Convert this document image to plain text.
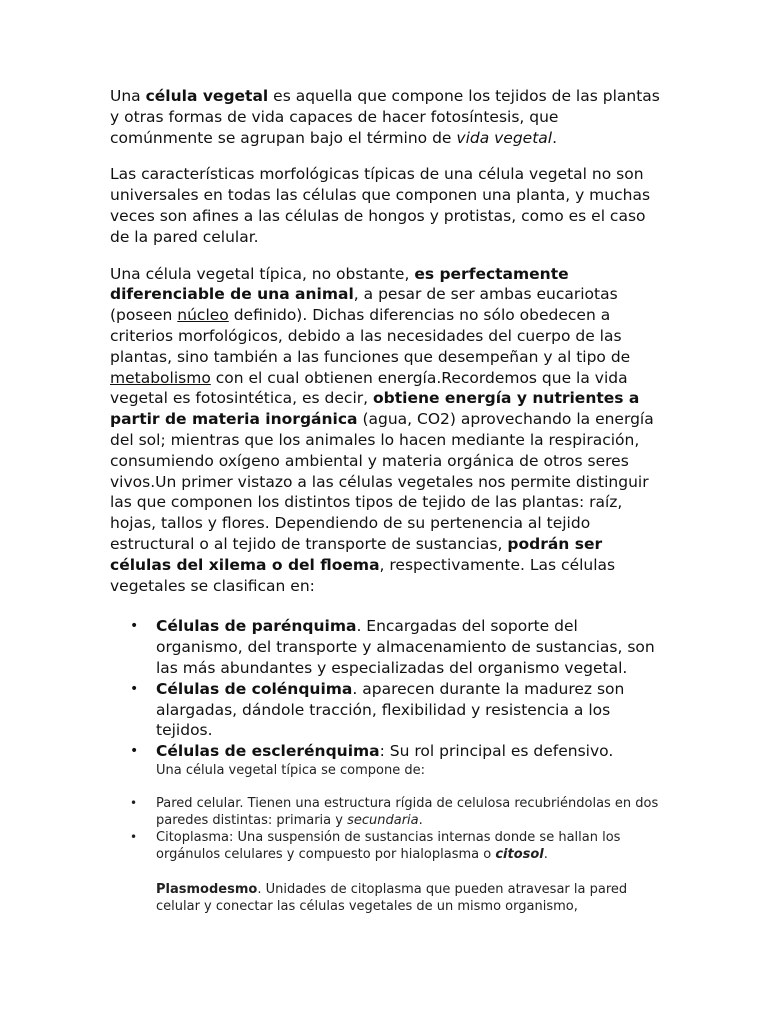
Una célula vegetal es aquella que compone los tejidos de las plantas y otras formas de vida capaces de hacer fotosíntesis, que comúnmente se agrupan bajo el término de vida vegetal.

Las características morfológicas típicas de una célula vegetal no son universales en todas las células que componen una planta, y muchas veces son afines a las células de hongos y protistas, como es el caso de la pared celular.

Una célula vegetal típica, no obstante, es perfectamente diferenciable de una animal, a pesar de ser ambas eucariotas (poseen núcleo definido). Dichas diferencias no sólo obedecen a criterios morfológicos, debido a las necesidades del cuerpo de las plantas, sino también a las funciones que desempeñan y al tipo de metabolismo con el cual obtienen energía.Recordemos que la vida vegetal es fotosintética, es decir, obtiene energía y nutrientes a partir de materia inorgánica (agua, CO2) aprovechando la energía del sol; mientras que los animales lo hacen mediante la respiración, consumiendo oxígeno ambiental y materia orgánica de otros seres vivos.Un primer vistazo a las células vegetales nos permite distinguir las que componen los distintos tipos de tejido de las plantas: raíz, hojas, tallos y flores. Dependiendo de su pertenencia al tejido estructural o al tejido de transporte de sustancias, podrán ser células del xilema o del floema, respectivamente. Las células vegetales se clasifican en:

• Células de parénquima. Encargadas del soporte del organismo, del transporte y almacenamiento de sustancias, son las más abundantes y especializadas del organismo vegetal.
• Células de colénquima. aparecen durante la madurez son alargadas, dándole tracción, flexibilidad y resistencia a los tejidos.
• Células de esclerénquima: Su rol principal es defensivo.
Una célula vegetal típica se compone de:
• Pared celular. Tienen una estructura rígida de celulosa recubriéndolas en dos paredes distintas: primaria y secundaria.
• Citoplasma: Una suspensión de sustancias internas donde se hallan los orgánulos celulares y compuesto por hialoplasma o citosol.
Plasmodesmo. Unidades de citoplasma que pueden atravesar la pared celular y conectar las células vegetales de un mismo organismo,
